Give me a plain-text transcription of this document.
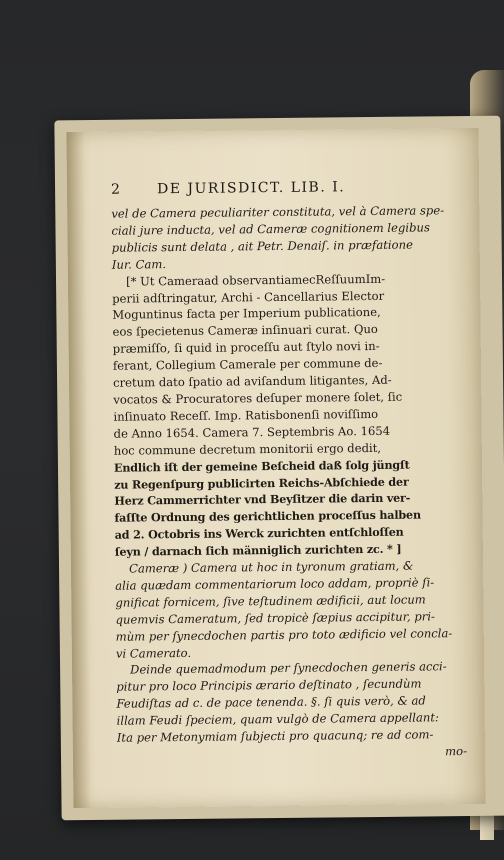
2	DE JURISDICT. LIB. I.
vel de Camera peculiariter constituta, vel à Camera spe-
ciali jure inducta, vel ad Cameræ cognitionem legibus
publicis sunt delata , ait Petr. Denaiſ. in præfatione
Iur. Cam.
[* Ut Cameraad observantiamecReſſuumIm-
perii adſtringatur, Archi - Cancellarius Elector
Moguntinus facta per Imperium publicatione,
eos ſpecietenus Cameræ inſinuari curat. Quo
præmiſſo, ſi quid in proceſſu aut ſtylo novi in-
ferant, Collegium Camerale per commune de-
cretum dato ſpatio ad aviſandum litigantes, Ad-
vocatos & Procuratores deſuper monere ſolet, ſic
inſinuato Receſſ. Imp. Ratisbonenſi noviſſimo
de Anno 1654. Camera 7. Septembris Ao. 1654
hoc commune decretum monitorii ergo dedit,
Endlich iſt der gemeine Beſcheid daß ſolg jüngſt
zu Regenſpurg publicirten Reichs-Abſchiede der
Herz Cammerrichter vnd Beyſitzer die darin ver-
faſſte Ordnung des gerichtlichen proceſſus halben
ad 2. Octobris ins Werck zurichten entſchloſſen
ſeyn / darnach ſich männiglich zurichten zc. * ]
Cameræ ) Camera ut hoc in tyronum gratiam, &
alia quædam commentariorum loco addam, propriè ſi-
gnificat fornicem, ſive teſtudinem ædificii, aut locum
quemvis Cameratum, ſed tropicè ſæpius accipitur, pri-
mùm per ſynecdochen partis pro toto ædificio vel concla-
vi Camerato.
Deinde quemadmodum per ſynecdochen generis acci-
pitur pro loco Principis ærario deſtinato , ſecundùm
Feudiſtas ad c. de pace tenenda. §. ſi quis verò, & ad
illam Feudi ſpeciem, quam vulgò de Camera appellant:
Ita per Metonymiam ſubjecti pro quacunq; re ad com-
mo-
